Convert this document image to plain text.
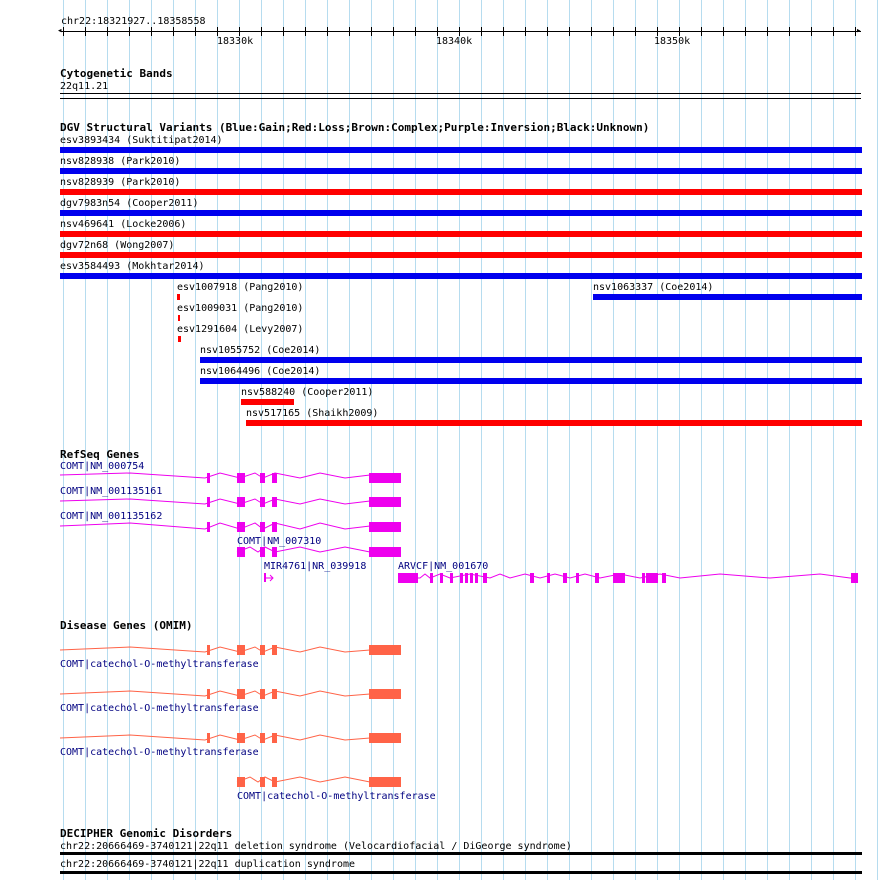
chr22:18321927..18358558
◂	▸
18330k	18340k	18350k
Cytogenetic Bands
22q11.21
DGV Structural Variants (Blue:Gain;Red:Loss;Brown:Complex;Purple:Inversion;Black:Unknown)
esv3893434 (Suktitipat2014)
nsv828938 (Park2010)
nsv828939 (Park2010)
dgv7983n54 (Cooper2011)
nsv469641 (Locke2006)
dgv72n68 (Wong2007)
esv3584493 (Mokhtar2014)
esv1007918 (Pang2010)	nsv1063337 (Coe2014)
esv1009031 (Pang2010)
esv1291604 (Levy2007)
nsv1055752 (Coe2014)
nsv1064496 (Coe2014)
nsv588240 (Cooper2011)
nsv517165 (Shaikh2009)
RefSeq Genes
COMT|NM_000754
COMT|NM_001135161
COMT|NM_001135162
COMT|NM_007310
MIR4761|NR_039918	ARVCF|NM_001670
Disease Genes (OMIM)
COMT|catechol-O-methyltransferase
COMT|catechol-O-methyltransferase
COMT|catechol-O-methyltransferase
COMT|catechol-O-methyltransferase
DECIPHER Genomic Disorders
chr22:20666469-3740121|22q11 deletion syndrome (Velocardiofacial / DiGeorge syndrome)
chr22:20666469-3740121|22q11 duplication syndrome
